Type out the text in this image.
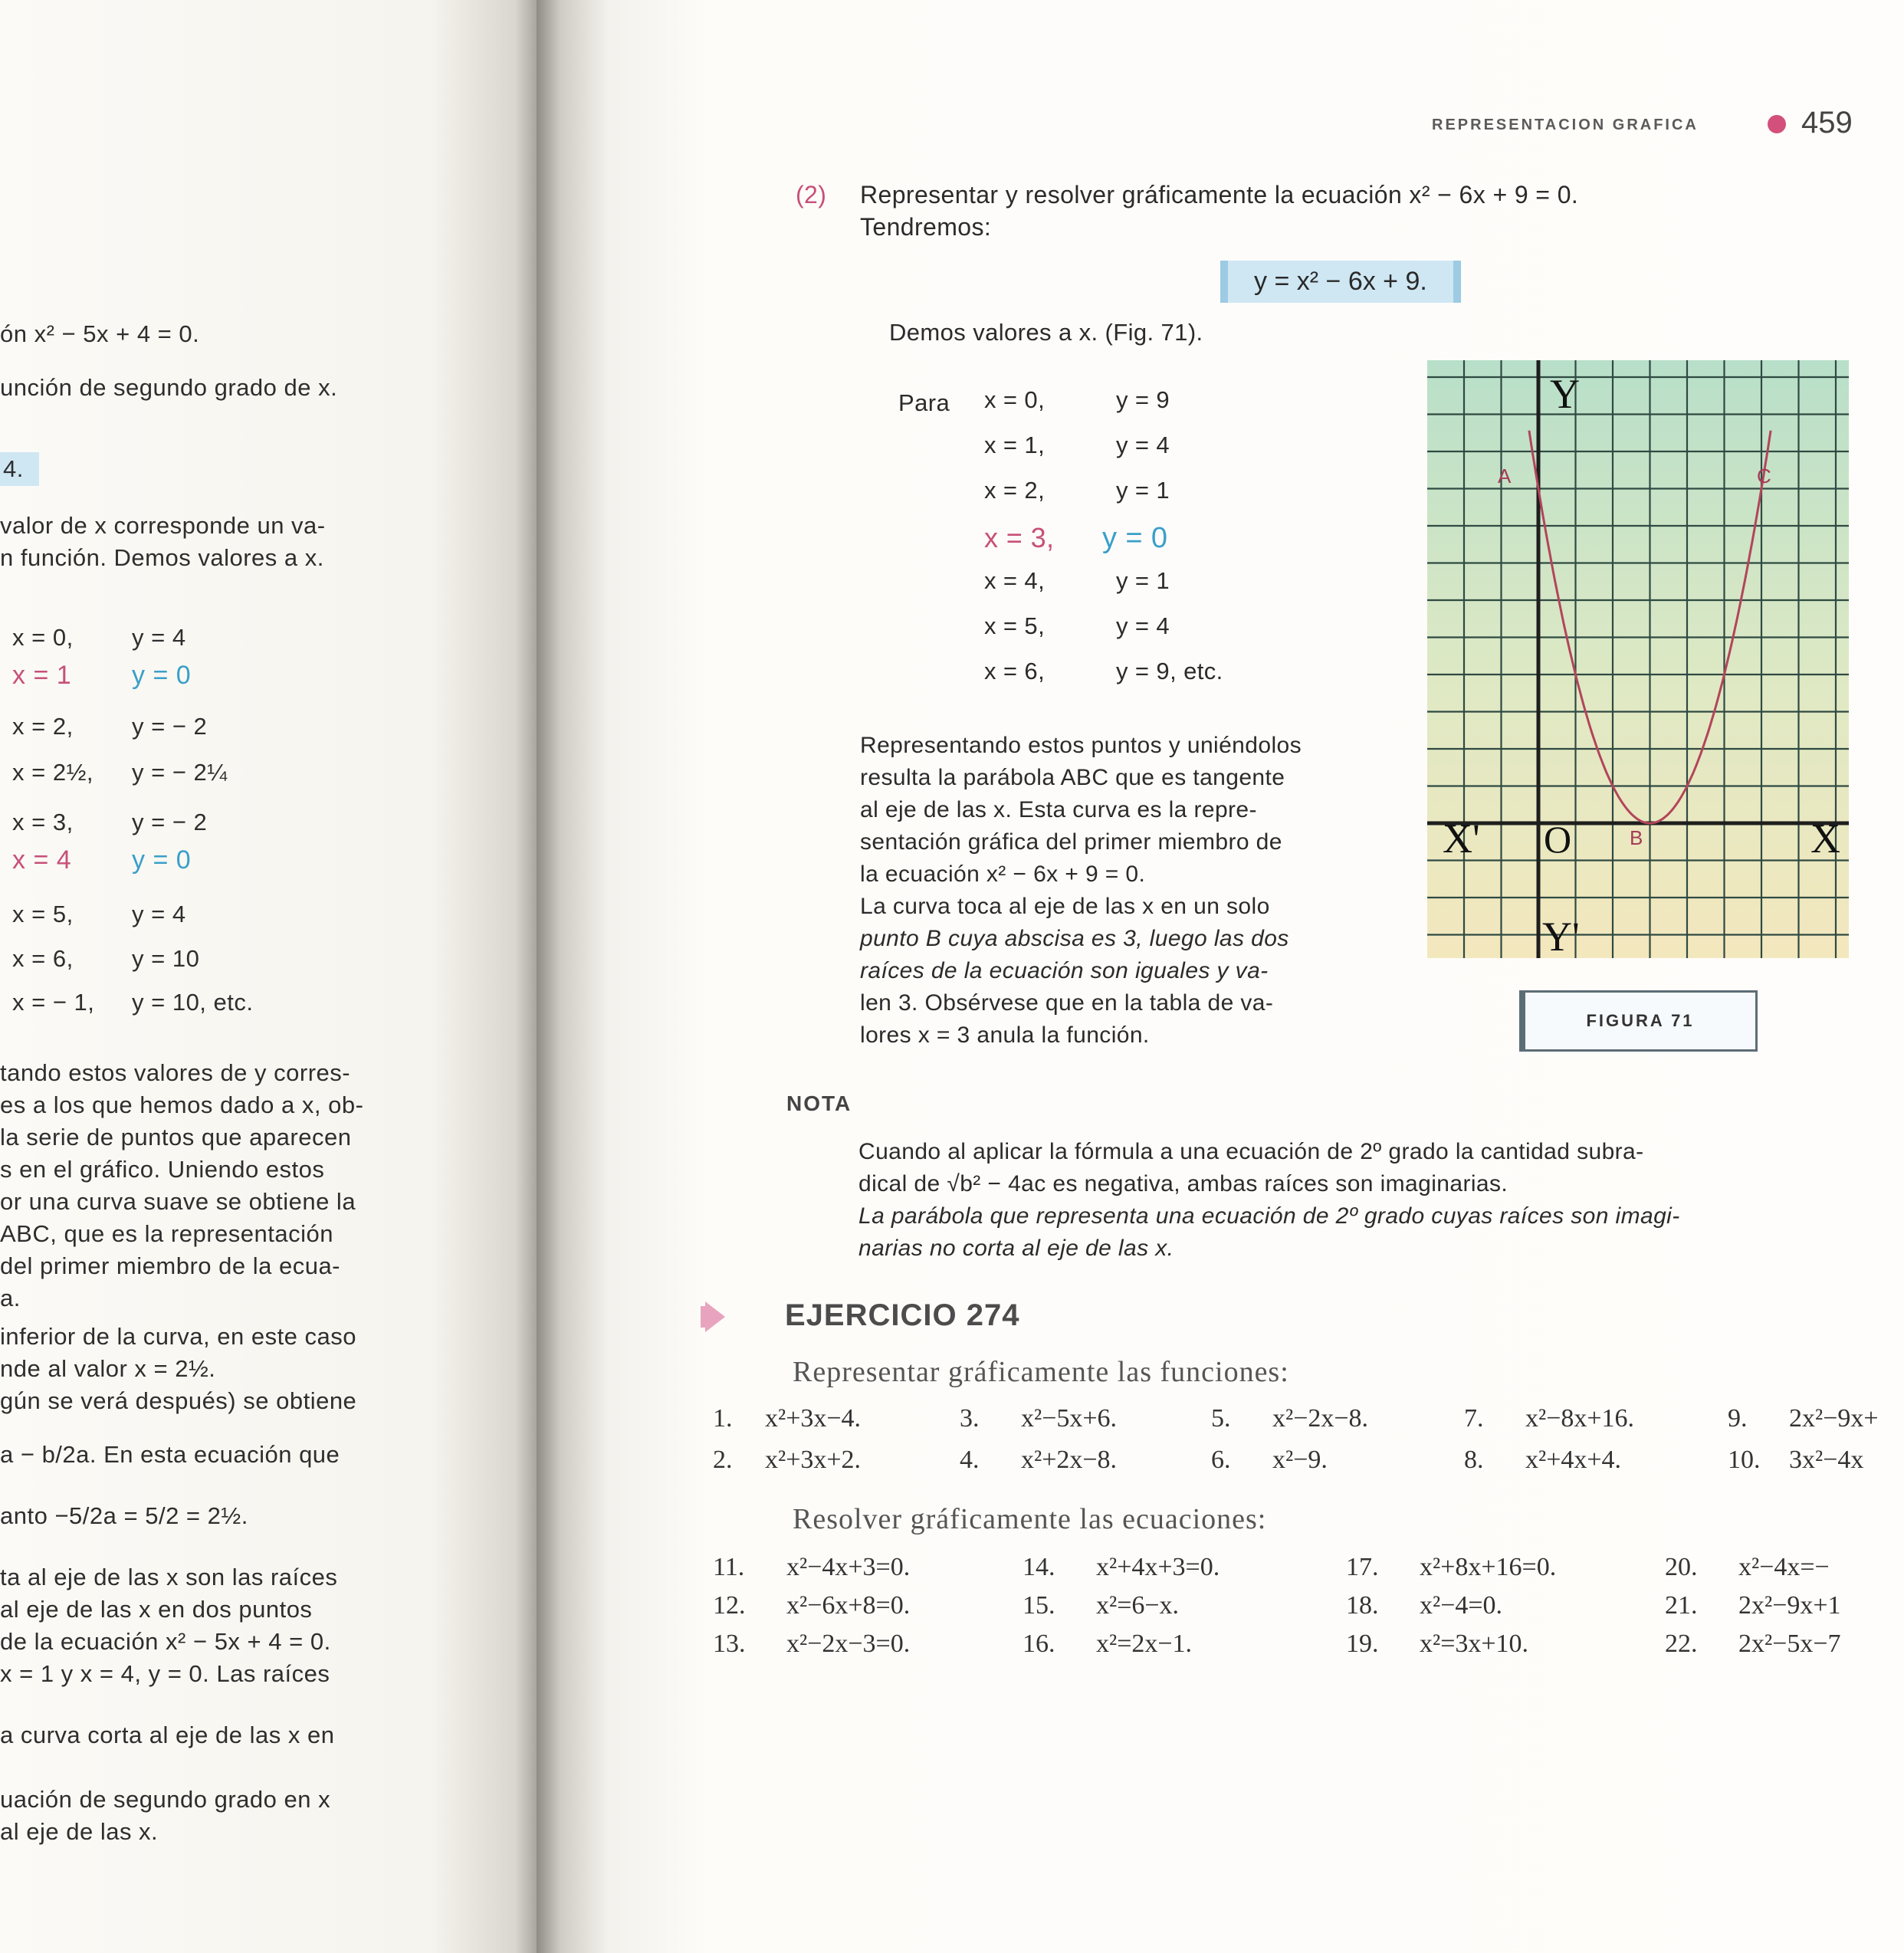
4.
ón x² − 5x + 4 = 0.
unción de segundo grado de x.
valor de x corresponde un va-
n función. Demos valores a x.
x = 0, y = 4
x = 1 y = 0
x = 2, y = − 2
x = 2½, y = − 2¼
x = 3, y = − 2
x = 4 y = 0
x = 5, y = 4
x = 6, y = 10
x = − 1, y = 10, etc.
tando estos valores de y corres-
es a los que hemos dado a x, ob-
la serie de puntos que aparecen
s en el gráfico. Uniendo estos
or una curva suave se obtiene la
ABC, que es la representación
del primer miembro de la ecua-
a.
inferior de la curva, en este caso
nde al valor x = 2½.
gún se verá después) se obtiene
a − b/2a. En esta ecuación que
anto −5/2a = 5/2 = 2½.
ta al eje de las x son las raíces
al eje de las x en dos puntos
de la ecuación x² − 5x + 4 = 0.
x = 1 y x = 4, y = 0. Las raíces
a curva corta al eje de las x en
uación de segundo grado en x
al eje de las x.
REPRESENTACION GRAFICA	459
(2) Representar y resolver gráficamente la ecuación x² − 6x + 9 = 0.
Tendremos:
y = x² − 6x + 9.
Demos valores a x. (Fig. 71).
Para	Y
Y'
X'	X
O
A
B
C
FIGURA 71
NOTA
EJERCICIO 274
Representar gráficamente las funciones:
Resolver gráficamente las ecuaciones:
x = 0,	y = 9
x = 1,	y = 4
x = 2,	y = 1
x = 3, y = 0
x = 4,	y = 1
x = 5,	y = 4
x = 6,	y = 9, etc.
Representando estos puntos y uniéndolos
resulta la parábola ABC que es tangente
al eje de las x. Esta curva es la repre-
sentación gráfica del primer miembro de
la ecuación x² − 6x + 9 = 0.
La curva toca al eje de las x en un solo
punto B cuya abscisa es 3, luego las dos
raíces de la ecuación son iguales y va-
len 3. Obsérvese que en la tabla de va-
lores x = 3 anula la función.
Cuando al aplicar la fórmula a una ecuación de 2º grado la cantidad subra-
dical de √b² − 4ac es negativa, ambas raíces son imaginarias.
La parábola que representa una ecuación de 2º grado cuyas raíces son imagi-
narias no corta al eje de las x.
1. x²+3x−4.
2. x²+3x+2.
3. x²−5x+6.
4. x²+2x−8.
5. x²−2x−8.
6. x²−9.
7. x²−8x+16.
8. x²+4x+4.
9. 2x²−9x+
10. 3x²−4x
11. x²−4x+3=0.
12. x²−6x+8=0.
13. x²−2x−3=0.
14. x²+4x+3=0.
15. x²=6−x.
16. x²=2x−1.
17. x²+8x+16=0.
18. x²−4=0.
19. x²=3x+10.
20. x²−4x=−
21. 2x²−9x+1
22. 2x²−5x−7
